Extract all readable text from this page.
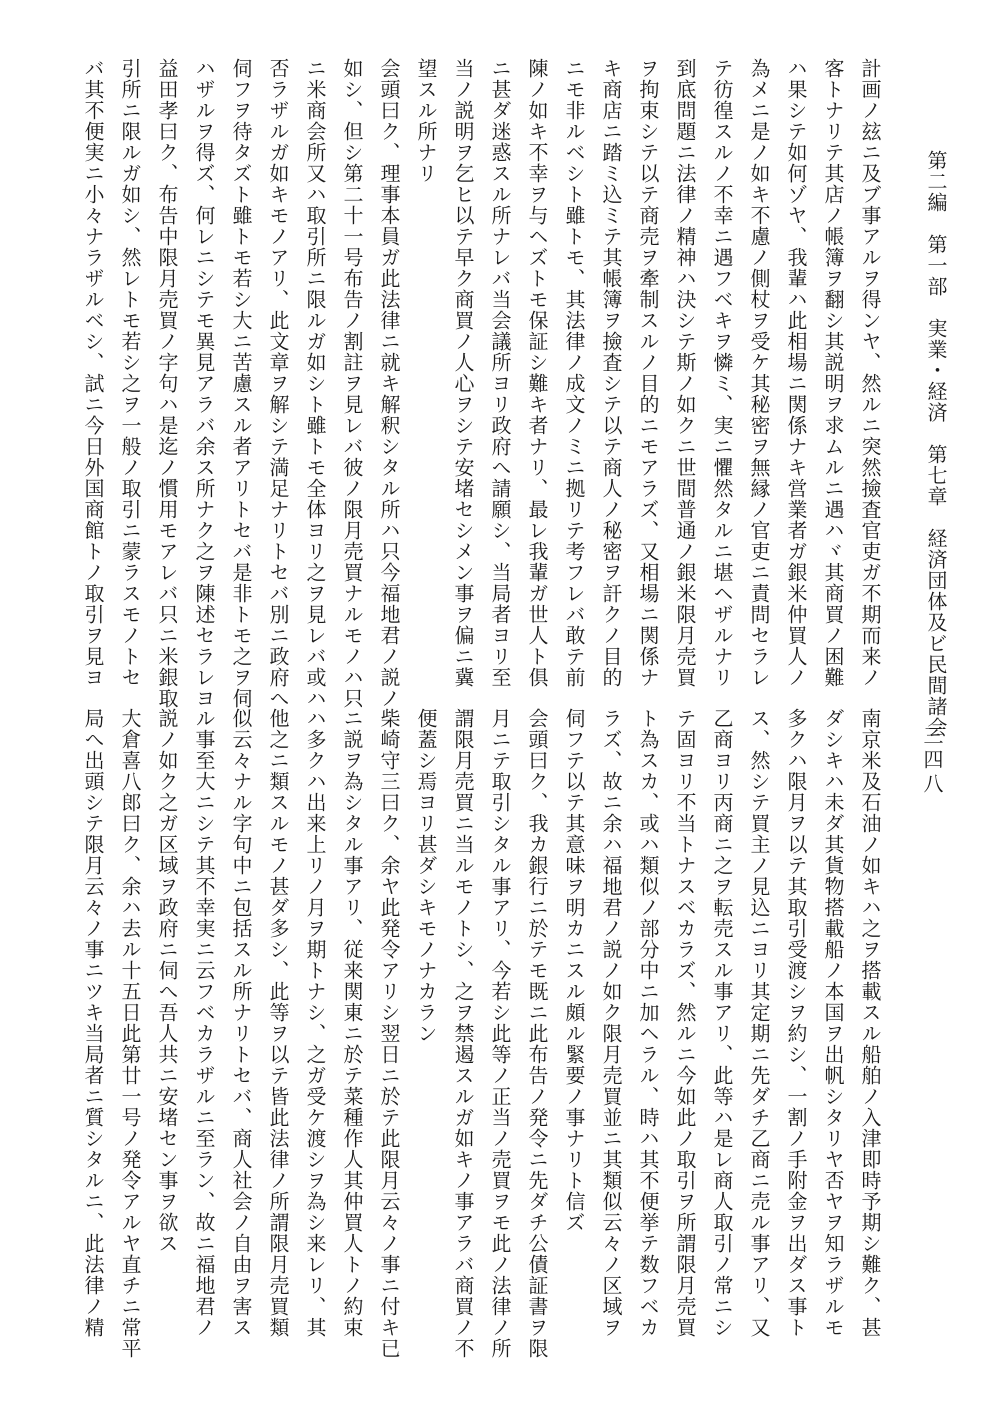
第二編　第一部　実業・経済　第七章　経済団体及ビ民間諸会
三四八
計画ノ玆ニ及ブ事アルヲ得ンヤ、然ルニ突然撿査官吏ガ不期而来ノ
客トナリテ其店ノ帳簿ヲ翻シ其説明ヲ求ムルニ遇ハヾ其商買ノ困難
ハ果シテ如何ゾヤ、我輩ハ此相場ニ関係ナキ営業者ガ銀米仲買人ノ
為メニ是ノ如キ不慮ノ側杖ヲ受ケ其秘密ヲ無縁ノ官吏ニ責問セラレ
テ彷徨スルノ不幸ニ遇フベキヲ憐ミ、実ニ懼然タルニ堪ヘザルナリ
到底問題ニ法律ノ精神ハ決シテ斯ノ如クニ世間普通ノ銀米限月売買
ヲ拘束シテ以テ商売ヲ牽制スルノ目的ニモアラズ、又相場ニ関係ナ
キ商店ニ踏ミ込ミテ其帳簿ヲ撿査シテ以テ商人ノ秘密ヲ訐クノ目的
ニモ非ルベシト雖トモ、其法律ノ成文ノミニ拠リテ考フレバ敢テ前
陳ノ如キ不幸ヲ与ヘズトモ保証シ難キ者ナリ、最レ我輩ガ世人ト俱
ニ甚ダ迷惑スル所ナレバ当会議所ヨリ政府へ請願シ、当局者ヨリ至
当ノ説明ヲ乞ヒ以テ早ク商買ノ人心ヲシテ安堵セシメン事ヲ偏ニ冀
望スル所ナリ
会頭曰ク、理事本員ガ此法律ニ就キ解釈シタル所ハ只今福地君ノ説ノ
如シ、但シ第二十一号布告ノ割註ヲ見レバ彼ノ限月売買ナルモノハ只
ニ米商会所又ハ取引所ニ限ルガ如シト雖トモ全体ヨリ之ヲ見レバ或ハ
否ラザルガ如キモノアリ、此文章ヲ解シテ満足ナリトセバ別ニ政府へ
伺フヲ待タズト雖トモ若シ大ニ苦慮スル者アリトセバ是非トモ之ヲ伺
ハザルヲ得ズ、何レニシテモ異見アラバ余ス所ナク之ヲ陳述セラレヨ
益田孝曰ク、布告中限月売買ノ字句ハ是迄ノ慣用モアレバ只ニ米銀取
引所ニ限ルガ如シ、然レトモ若シ之ヲ一般ノ取引ニ蒙ラスモノトセ
バ其不便実ニ小々ナラザルベシ、試ニ今日外国商館トノ取引ヲ見ヨ
南京米及石油ノ如キハ之ヲ搭載スル船舶ノ入津即時予期シ難ク、甚
ダシキハ未ダ其貨物搭載船ノ本国ヲ出帆シタリヤ否ヤヲ知ラザルモ
多クハ限月ヲ以テ其取引受渡シヲ約シ、一割ノ手附金ヲ出ダス事ト
ス、然シテ買主ノ見込ニヨリ其定期ニ先ダチ乙商ニ売ル事アリ、又
乙商ヨリ丙商ニ之ヲ転売スル事アリ、此等ハ是レ商人取引ノ常ニシ
テ固ヨリ不当トナスベカラズ、然ルニ今如此ノ取引ヲ所謂限月売買
ト為スカ、或ハ類似ノ部分中ニ加ヘラル、時ハ其不便挙テ数フベカ
ラズ、故ニ余ハ福地君ノ説ノ如ク限月売買並ニ其類似云々ノ区域ヲ
伺フテ以テ其意味ヲ明カニスル頗ル緊要ノ事ナリト信ズ
会頭曰ク、我カ銀行ニ於テモ既ニ此布告ノ発令ニ先ダチ公債証書ヲ限
月ニテ取引シタル事アリ、今若シ此等ノ正当ノ売買ヲモ此ノ法律ノ所
謂限月売買ニ当ルモノトシ、之ヲ禁遏スルガ如キノ事アラバ商買ノ不
便蓋シ焉ヨリ甚ダシキモノナカラン
柴崎守三曰ク、余ヤ此発令アリシ翌日ニ於テ此限月云々ノ事ニ付キ已
ニ説ヲ為シタル事アリ、従来関東ニ於テ菜種作人其仲買人トノ約束
ハ多クハ出来上リノ月ヲ期トナシ、之ガ受ケ渡シヲ為シ来レリ、其
他之ニ類スルモノ甚ダ多シ、此等ヲ以テ皆此法律ノ所謂限月売買類
似云々ナル字句中ニ包括スル所ナリトセバ、商人社会ノ自由ヲ害ス
ル事至大ニシテ其不幸実ニ云フベカラザルニ至ラン、故ニ福地君ノ
説ノ如ク之ガ区域ヲ政府ニ伺へ吾人共ニ安堵セン事ヲ欲ス
大倉喜八郎曰ク、余ハ去ル十五日此第廿一号ノ発令アルヤ直チニ常平
局へ出頭シテ限月云々ノ事ニツキ当局者ニ質シタルニ、此法律ノ精
